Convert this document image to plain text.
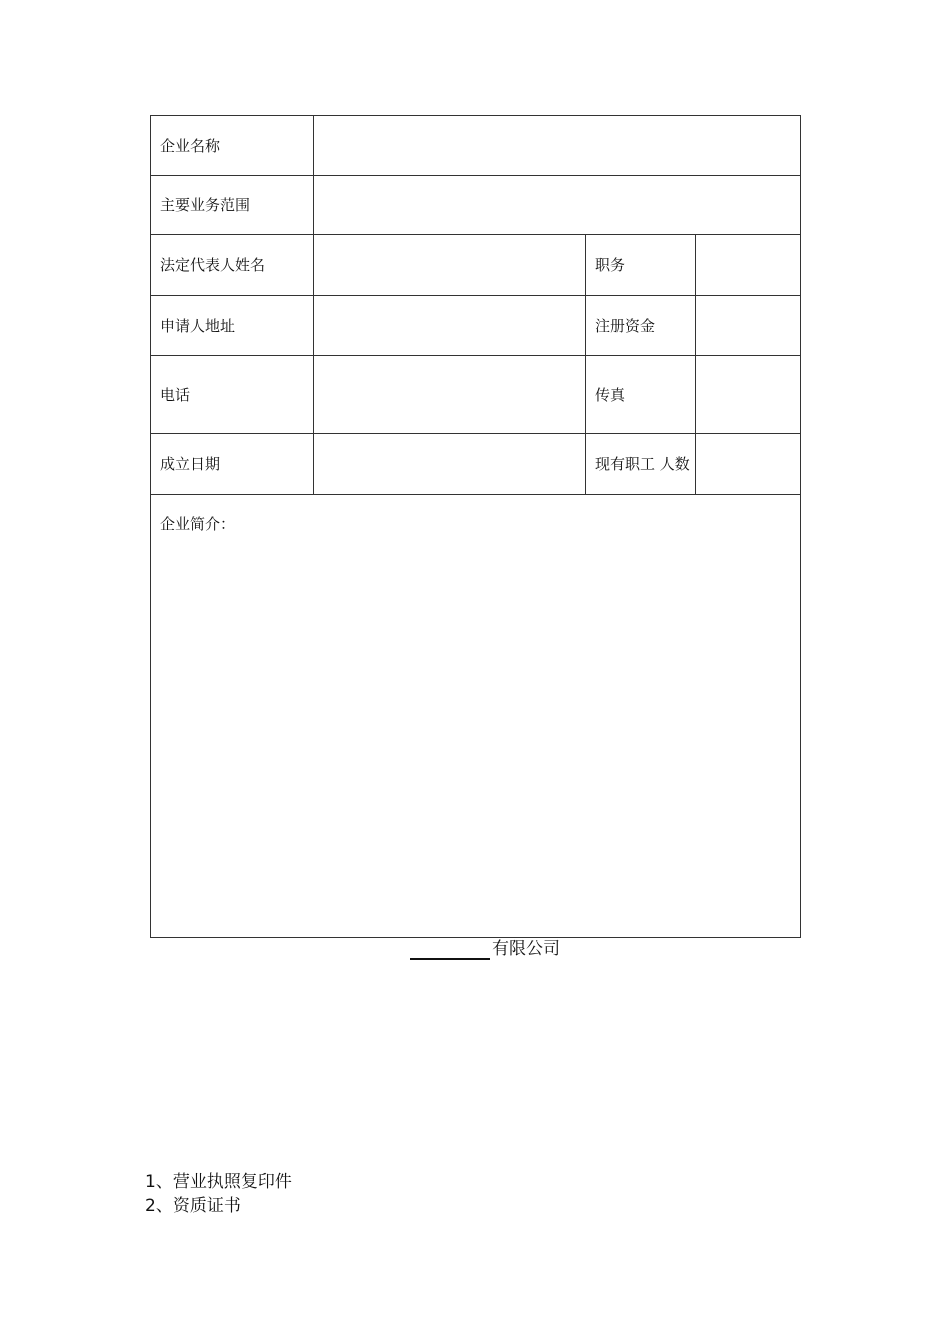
企业名称			
主要业务范围			
法定代表人姓名		职务	
申请人地址		注册资金	
电话		传真	
成立日期		现有职工 人数	
企业简介：			
有限公司
1、营业执照复印件
2、资质证书
